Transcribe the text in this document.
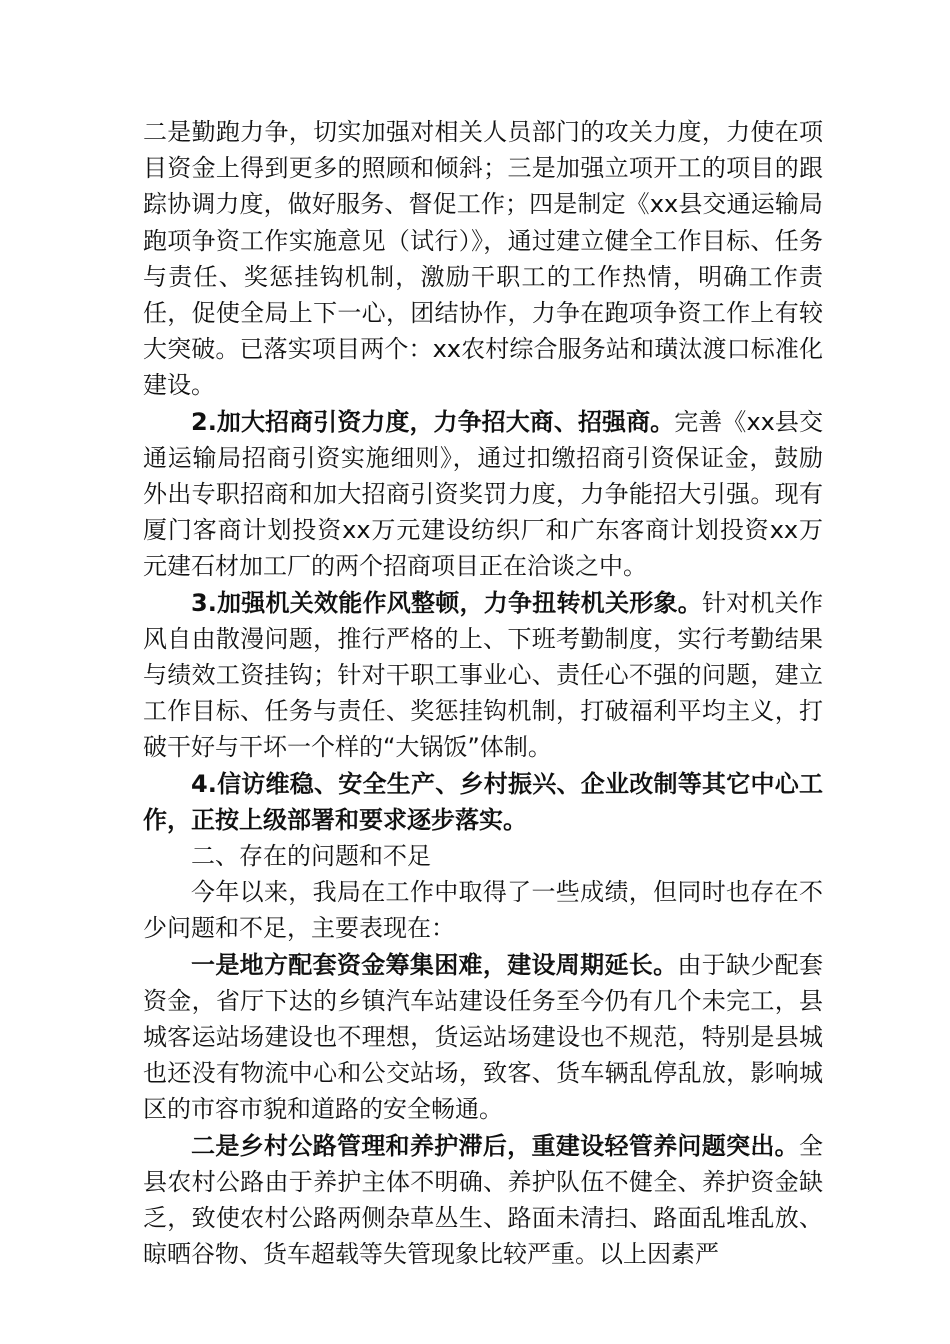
二是勤跑力争，切实加强对相关人员部门的攻关力度，力使在项目资金上得到更多的照顾和倾斜；三是加强立项开工的项目的跟踪协调力度，做好服务、督促工作；四是制定《xx县交通运输局跑项争资工作实施意见（试行）》，通过建立健全工作目标、任务与责任、奖惩挂钩机制，激励干职工的工作热情，明确工作责任，促使全局上下一心，团结协作，力争在跑项争资工作上有较大突破。已落实项目两个：xx农村综合服务站和璜汰渡口标准化建设。

2.加大招商引资力度，力争招大商、招强商。完善《xx县交通运输局招商引资实施细则》，通过扣缴招商引资保证金，鼓励外出专职招商和加大招商引资奖罚力度，力争能招大引强。现有厦门客商计划投资xx万元建设纺织厂和广东客商计划投资xx万元建石材加工厂的两个招商项目正在洽谈之中。

3.加强机关效能作风整顿，力争扭转机关形象。针对机关作风自由散漫问题，推行严格的上、下班考勤制度，实行考勤结果与绩效工资挂钩；针对干职工事业心、责任心不强的问题，建立工作目标、任务与责任、奖惩挂钩机制，打破福利平均主义，打破干好与干坏一个样的“大锅饭”体制。

4.信访维稳、安全生产、乡村振兴、企业改制等其它中心工作，正按上级部署和要求逐步落实。

二、存在的问题和不足

今年以来，我局在工作中取得了一些成绩，但同时也存在不少问题和不足，主要表现在：

一是地方配套资金筹集困难，建设周期延长。由于缺少配套资金，省厅下达的乡镇汽车站建设任务至今仍有几个未完工，县城客运站场建设也不理想，货运站场建设也不规范，特别是县城也还没有物流中心和公交站场，致客、货车辆乱停乱放，影响城区的市容市貌和道路的安全畅通。

二是乡村公路管理和养护滞后，重建设轻管养问题突出。全县农村公路由于养护主体不明确、养护队伍不健全、养护资金缺乏，致使农村公路两侧杂草丛生、路面未清扫、路面乱堆乱放、晾晒谷物、货车超载等失管现象比较严重。以上因素严
